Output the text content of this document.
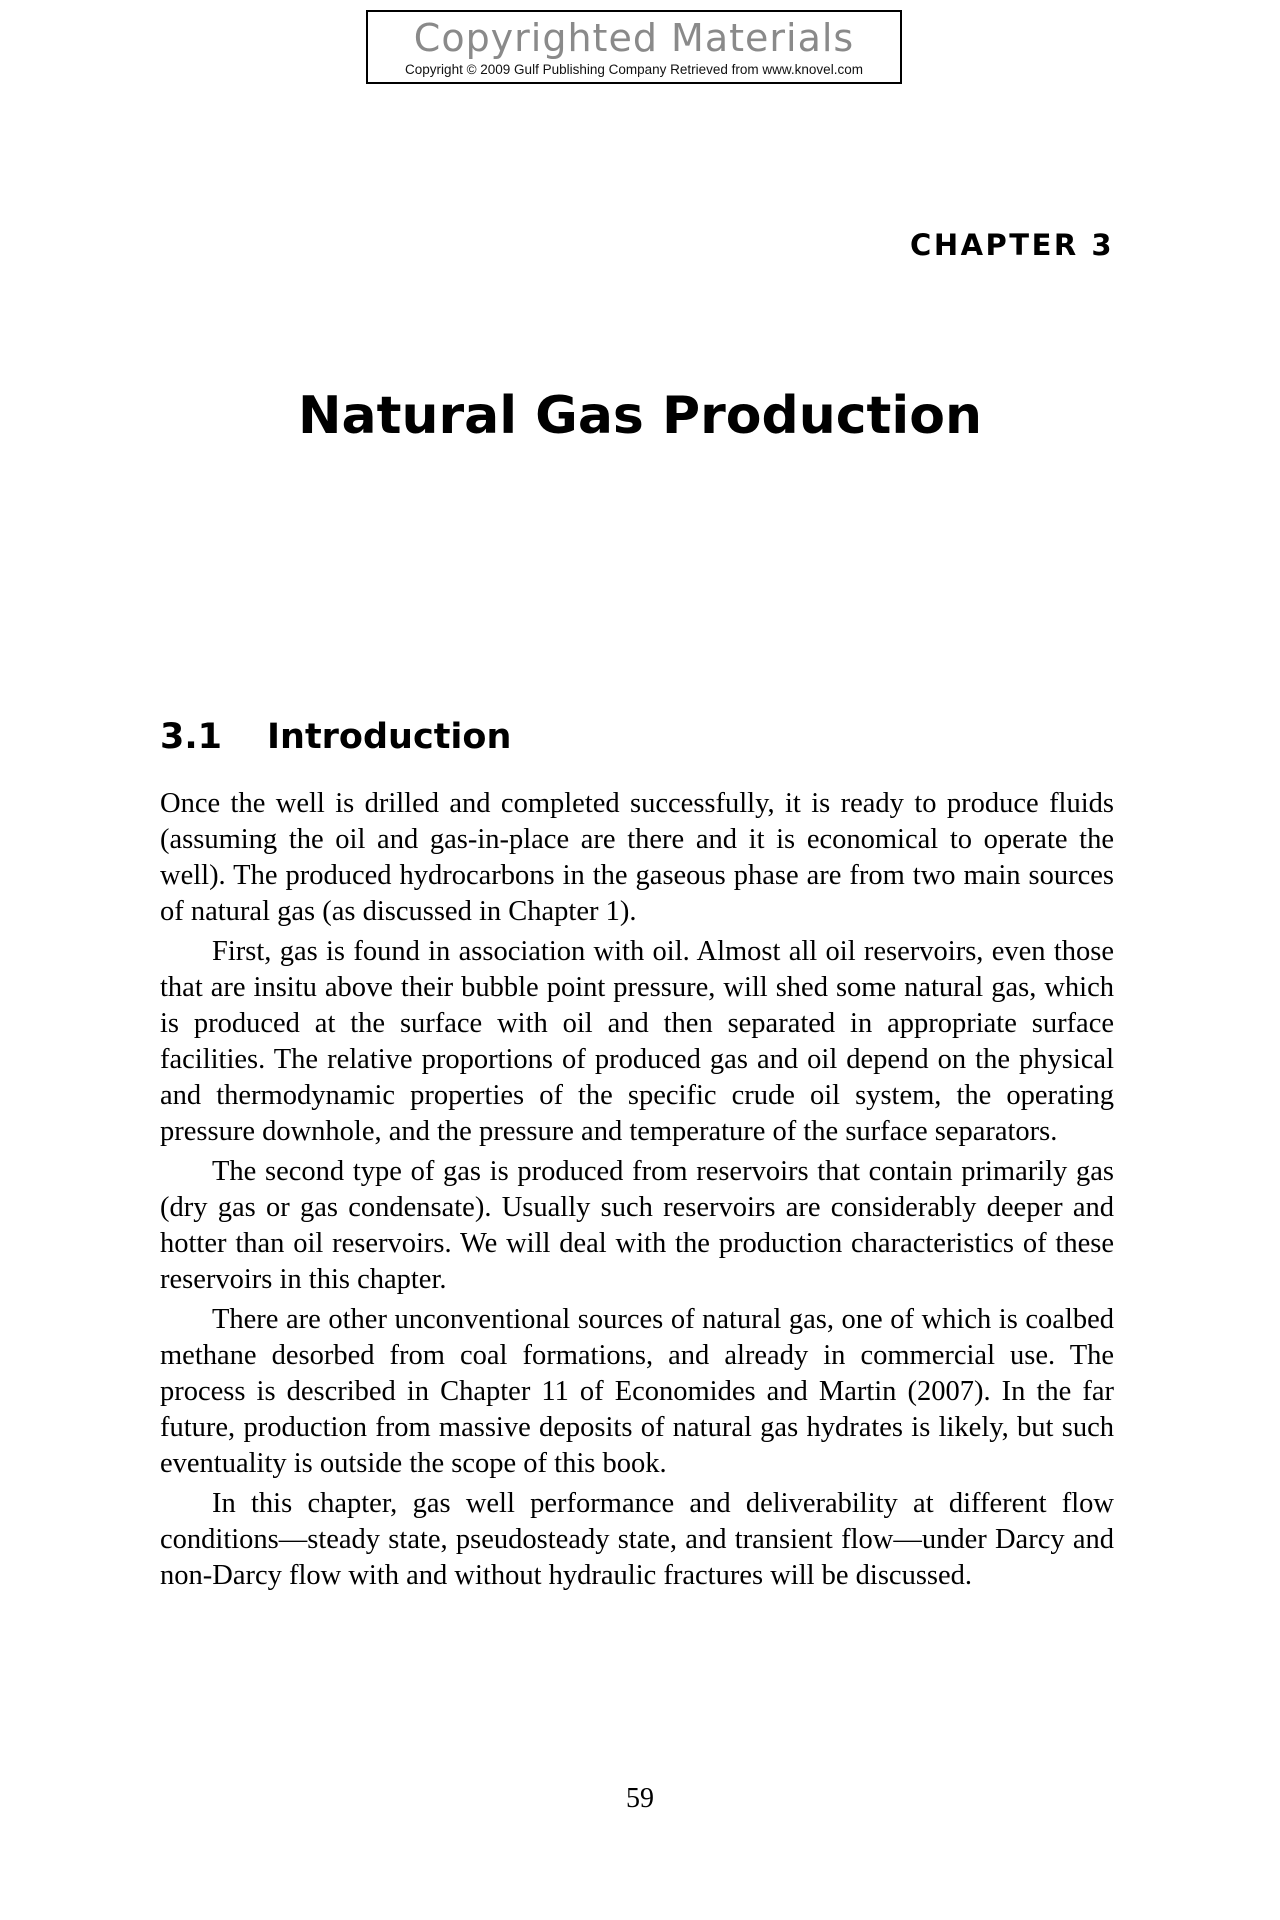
Copyrighted Materials
Copyright © 2009 Gulf Publishing Company Retrieved from www.knovel.com

CHAPTER 3

Natural Gas Production
3.1 Introduction

Once the well is drilled and completed successfully, it is ready to produce fluids (assuming the oil and gas-in-place are there and it is economical to operate the well). The produced hydrocarbons in the gaseous phase are from two main sources of natural gas (as discussed in Chapter 1).

First, gas is found in association with oil. Almost all oil reservoirs, even those that are insitu above their bubble point pressure, will shed some natural gas, which is produced at the surface with oil and then separated in appropriate surface facilities. The relative proportions of produced gas and oil depend on the physical and thermodynamic properties of the specific crude oil system, the operating pressure downhole, and the pressure and temperature of the surface separators.

The second type of gas is produced from reservoirs that contain primarily gas (dry gas or gas condensate). Usually such reservoirs are considerably deeper and hotter than oil reservoirs. We will deal with the production characteristics of these reservoirs in this chapter.

There are other unconventional sources of natural gas, one of which is coalbed methane desorbed from coal formations, and already in commercial use. The process is described in Chapter 11 of Economides and Martin (2007). In the far future, production from massive deposits of natural gas hydrates is likely, but such eventuality is outside the scope of this book.

In this chapter, gas well performance and deliverability at different flow conditions—steady state, pseudosteady state, and transient flow—under Darcy and non-Darcy flow with and without hydraulic fractures will be discussed.

59
